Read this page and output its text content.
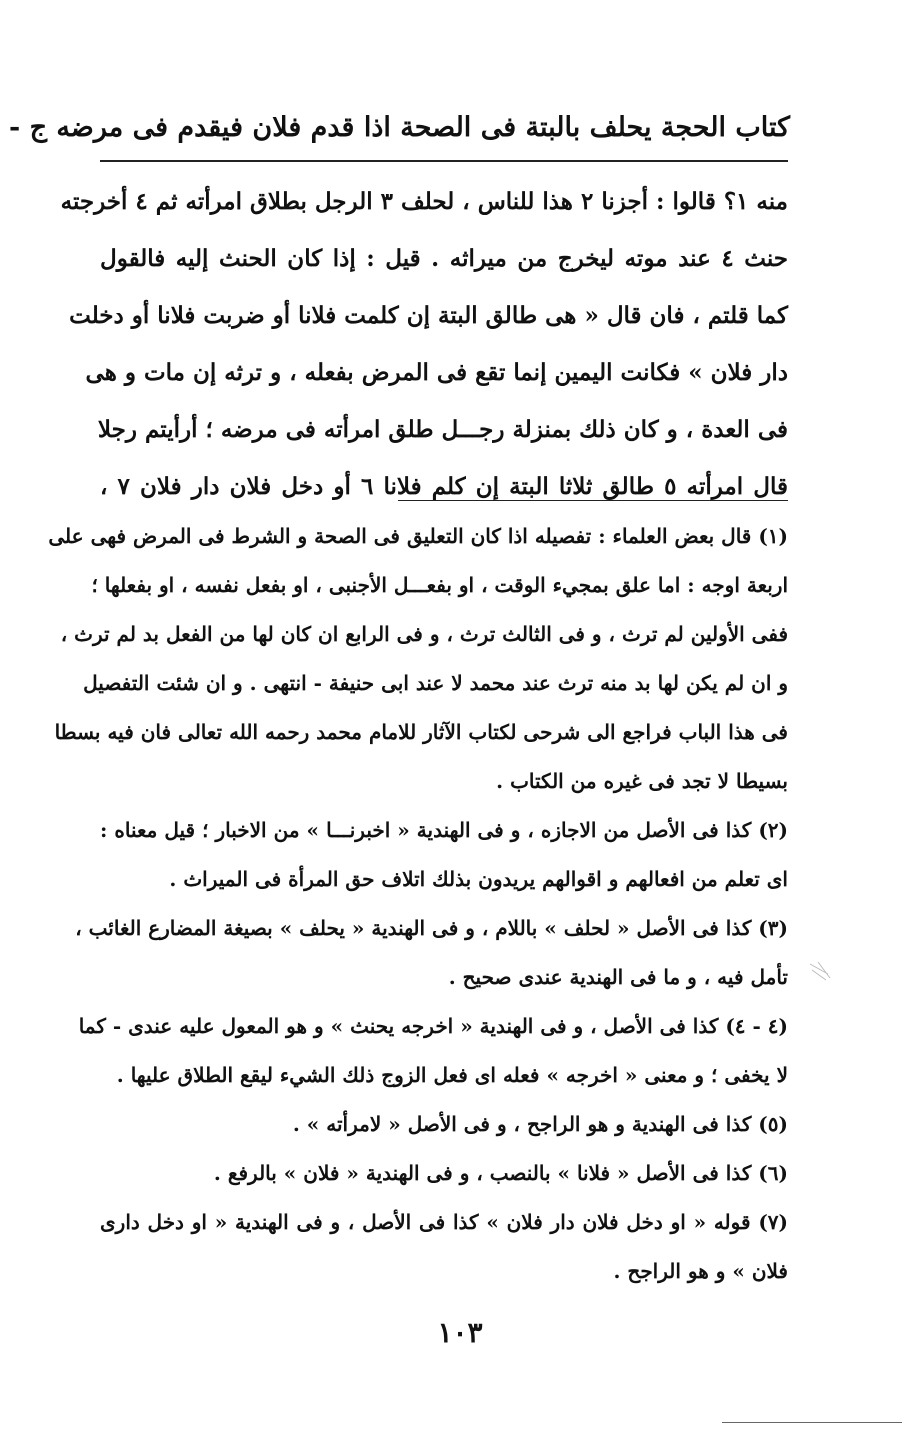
كتاب الحجة يحلف بالبتة فى الصحة اذا قدم فلان فيقدم فى مرضه ج -
منه ١؟ قالوا : أجزنا ٢ هذا للناس ، لحلف ٣ الرجل بطلاق امرأته ثم ٤ أخرجته
حنث ٤ عند موته ليخرج من ميراثه . قيل : إذا كان الحنث إليه فالقول
كما قلتم ، فان قال « هى طالق البتة إن كلمت فلانا أو ضربت فلانا أو دخلت
دار فلان » فكانت اليمين إنما تقع فى المرض بفعله ، و ترثه إن مات و هى
فى العدة ، و كان ذلك بمنزلة رجـــل طلق امرأته فى مرضه ؛ أرأيتم رجلا
قال امرأته ٥ طالق ثلاثا البتة إن كلم فلانا ٦ أو دخل فلان دار فلان ٧ ،
(١) قال بعض العلماء : تفصيله اذا كان التعليق فى الصحة و الشرط فى المرض فهى على
اربعة اوجه : اما علق بمجيء الوقت ، او بفعـــل الأجنبى ، او بفعل نفسه ، او بفعلها ؛
ففى الأولين لم ترث ، و فى الثالث ترث ، و فى الرابع ان كان لها من الفعل بد لم ترث ،
و ان لم يكن لها بد منه ترث عند محمد لا عند ابى حنيفة - انتهى . و ان شئت التفصيل
فى هذا الباب فراجع الى شرحى لكتاب الآثار للامام محمد رحمه الله تعالى فان فيه بسطا
بسيطا لا تجد فى غيره من الكتاب .
(٢) كذا فى الأصل من الاجازه ، و فى الهندية « اخبرنـــا » من الاخبار ؛ قيل معناه :
اى تعلم من افعالهم و اقوالهم يريدون بذلك اتلاف حق المرأة فى الميراث .
(٣) كذا فى الأصل « لحلف » باللام ، و فى الهندية « يحلف » بصيغة المضارع الغائب ،
تأمل فيه ، و ما فى الهندية عندى صحيح .
(٤ - ٤) كذا فى الأصل ، و فى الهندية « اخرجه يحنث » و هو المعول عليه عندى - كما
لا يخفى ؛ و معنى « اخرجه » فعله اى فعل الزوج ذلك الشيء ليقع الطلاق عليها .
(٥) كذا فى الهندية و هو الراجح ، و فى الأصل « لامرأته » .
(٦) كذا فى الأصل « فلانا » بالنصب ، و فى الهندية « فلان » بالرفع .
(٧) قوله « او دخل فلان دار فلان » كذا فى الأصل ، و فى الهندية « او دخل دارى
فلان » و هو الراجح .
١٠٣
